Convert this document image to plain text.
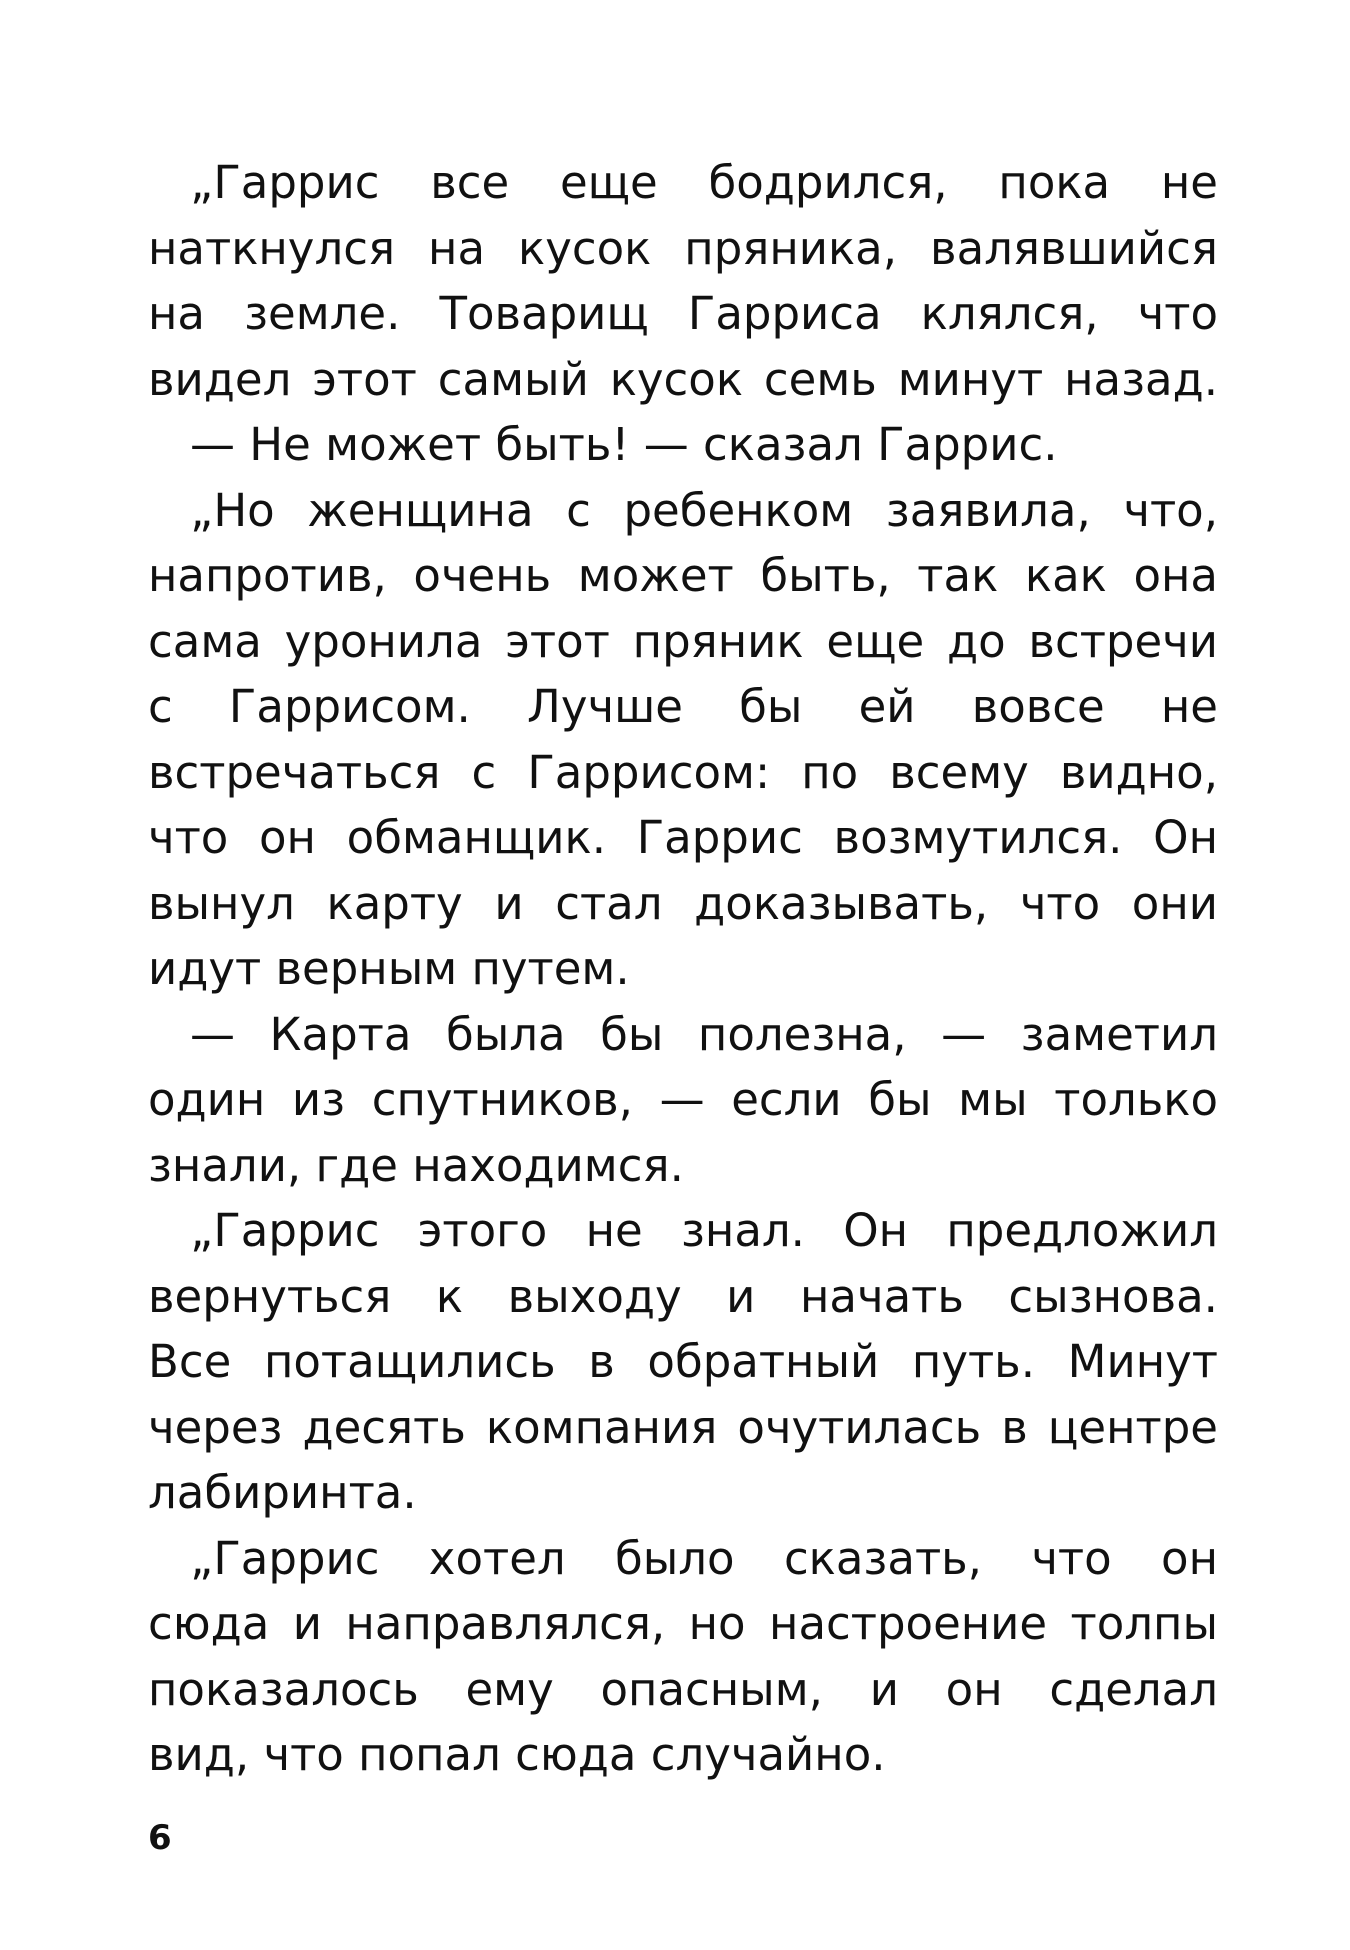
„Гаррис все еще бодрился, пока не
наткнулся на кусок пряника, валявшийся
на земле. Товарищ Гарриса клялся, что
видел этот самый кусок семь минут назад.
— Не может быть! — сказал Гаррис.
„Но женщина с ребенком заявила, что,
напротив, очень может быть, так как она
сама уронила этот пряник еще до встречи
с Гаррисом. Лучше бы ей вовсе не
встречаться с Гаррисом: по всему видно,
что он обманщик. Гаррис возмутился. Он
вынул карту и стал доказывать, что они
идут верным путем.
— Карта была бы полезна, — заметил
один из спутников, — если бы мы только
знали, где находимся.
„Гаррис этого не знал. Он предложил
вернуться к выходу и начать сызнова.
Все потащились в обратный путь. Минут
через десять компания очутилась в центре
лабиринта.
„Гаррис хотел было сказать, что он
сюда и направлялся, но настроение толпы
показалось ему опасным, и он сделал
вид, что попал сюда случайно.
6
